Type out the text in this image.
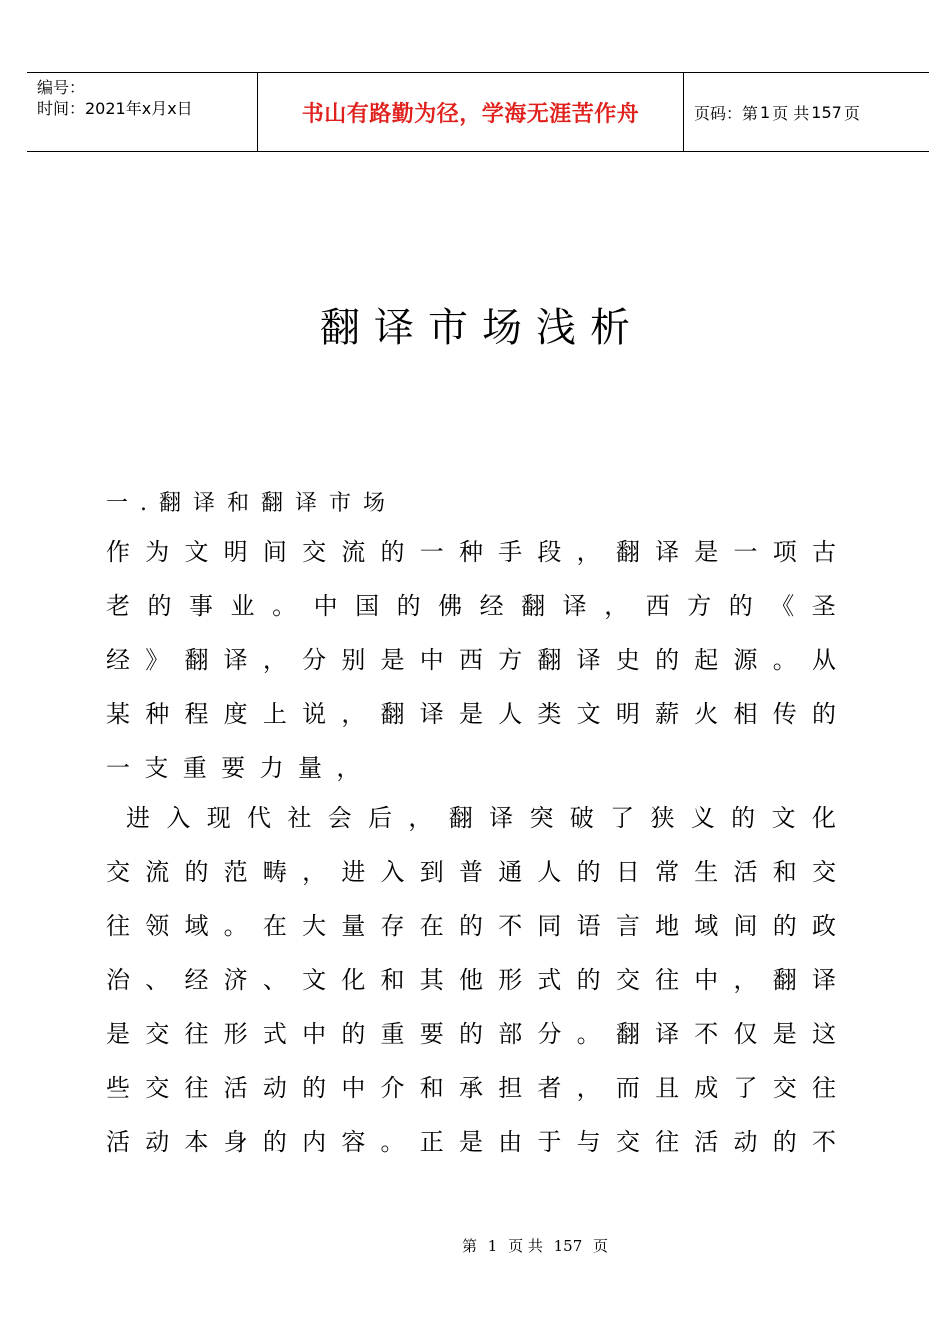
编号：
时间：2021年x月x日	书山有路勤为径，学海无涯苦作舟	页码：第 1 页 共 157 页
翻译市场浅析
一.翻译和翻译市场
作 为 文 明 间 交 流 的 一 种 手 段 ， 翻 译 是 一 项 古
老 的 事 业 。 中 国 的 佛 经 翻 译 ， 西 方 的 《 圣
经 》 翻 译 ， 分 别 是 中 西 方 翻 译 史 的 起 源 。 从
某 种 程 度 上 说 ， 翻 译 是 人 类 文 明 薪 火 相 传 的
一 支 重 要 力 量 ，
进 入 现 代 社 会 后 ， 翻 译 突 破 了 狭 义 的 文 化
交 流 的 范 畴 ， 进 入 到 普 通 人 的 日 常 生 活 和 交
往 领 域 。 在 大 量 存 在 的 不 同 语 言 地 域 间 的 政
治 、 经 济 、 文 化 和 其 他 形 式 的 交 往 中 ， 翻 译
是 交 往 形 式 中 的 重 要 的 部 分 。 翻 译 不 仅 是 这
些 交 往 活 动 的 中 介 和 承 担 者 ， 而 且 成 了 交 往
活 动 本 身 的 内 容 。 正 是 由 于 与 交 往 活 动 的 不
第 1 页 共 157 页
